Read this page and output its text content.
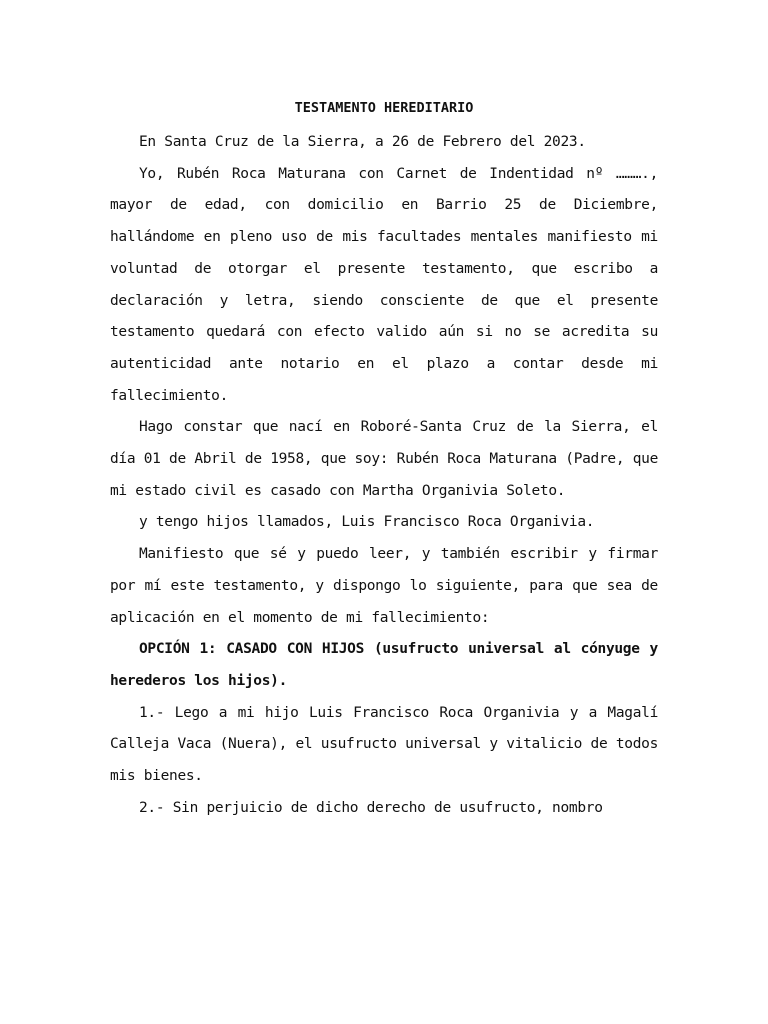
TESTAMENTO HEREDITARIO

En Santa Cruz de la Sierra, a 26 de Febrero del 2023.

Yo, Rubén Roca Maturana con Carnet de Indentidad nº ………., mayor de edad, con domicilio en Barrio 25 de Diciembre, hallándome en pleno uso de mis facultades mentales manifiesto mi voluntad de otorgar el presente testamento, que escribo a declaración y letra, siendo consciente de que el presente testamento quedará con efecto valido aún si no se acredita su autenticidad ante notario en el plazo a contar desde mi fallecimiento.

Hago constar que nací en Roboré-Santa Cruz de la Sierra, el día 01 de Abril de 1958, que soy: Rubén Roca Maturana (Padre, que mi estado civil es casado con Martha Organivia Soleto.

y tengo hijos llamados, Luis Francisco Roca Organivia.

Manifiesto que sé y puedo leer, y también escribir y firmar por mí este testamento, y dispongo lo siguiente, para que sea de aplicación en el momento de mi fallecimiento:

OPCIÓN 1: CASADO CON HIJOS (usufructo universal al cónyuge y herederos los hijos).

1.- Lego a mi hijo Luis Francisco Roca Organivia y a Magalí Calleja Vaca (Nuera), el usufructo universal y vitalicio de todos mis bienes.

2.- Sin perjuicio de dicho derecho de usufructo, nombro
